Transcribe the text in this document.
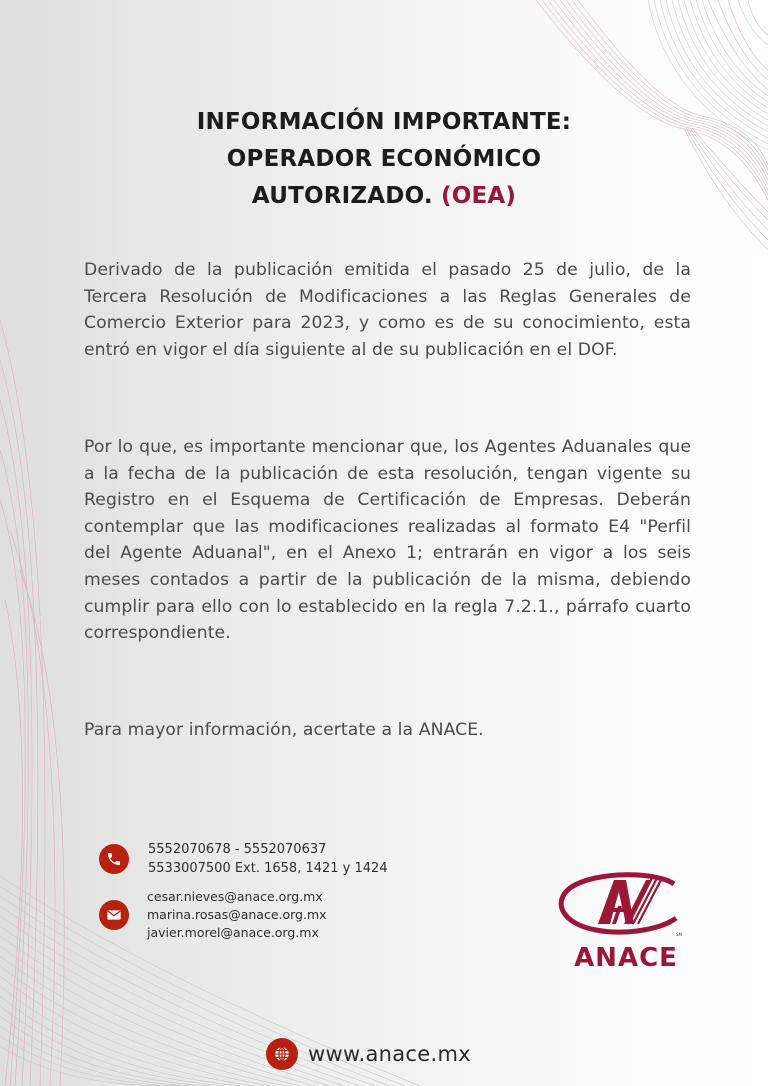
INFORMACIÓN IMPORTANTE:
OPERADOR ECONÓMICO
AUTORIZADO. (OEA)

Derivado de la publicación emitida el pasado 25 de julio, de la Tercera Resolución de Modificaciones a las Reglas Generales de Comercio Exterior para 2023, y como es de su conocimiento, esta entró en vigor el día siguiente al de su publicación en el DOF.

Por lo que, es importante mencionar que, los Agentes Aduanales que a la fecha de la publicación de esta resolución, tengan vigente su Registro en el Esquema de Certificación de Empresas. Deberán contemplar que las modificaciones realizadas al formato E4 "Perfil del Agente Aduanal", en el Anexo 1; entrarán en vigor a los seis meses contados a partir de la publicación de la misma, debiendo cumplir para ello con lo establecido en la regla 7.2.1., párrafo cuarto correspondiente.

Para mayor información, acertate a la ANACE.

5552070678 - 5552070637
5533007500 Ext. 1658, 1421 y 1424
cesar.nieves@anace.org.mx
marina.rosas@anace.org.mx
javier.morel@anace.org.mx	SM
ANACE
www.anace.mx
